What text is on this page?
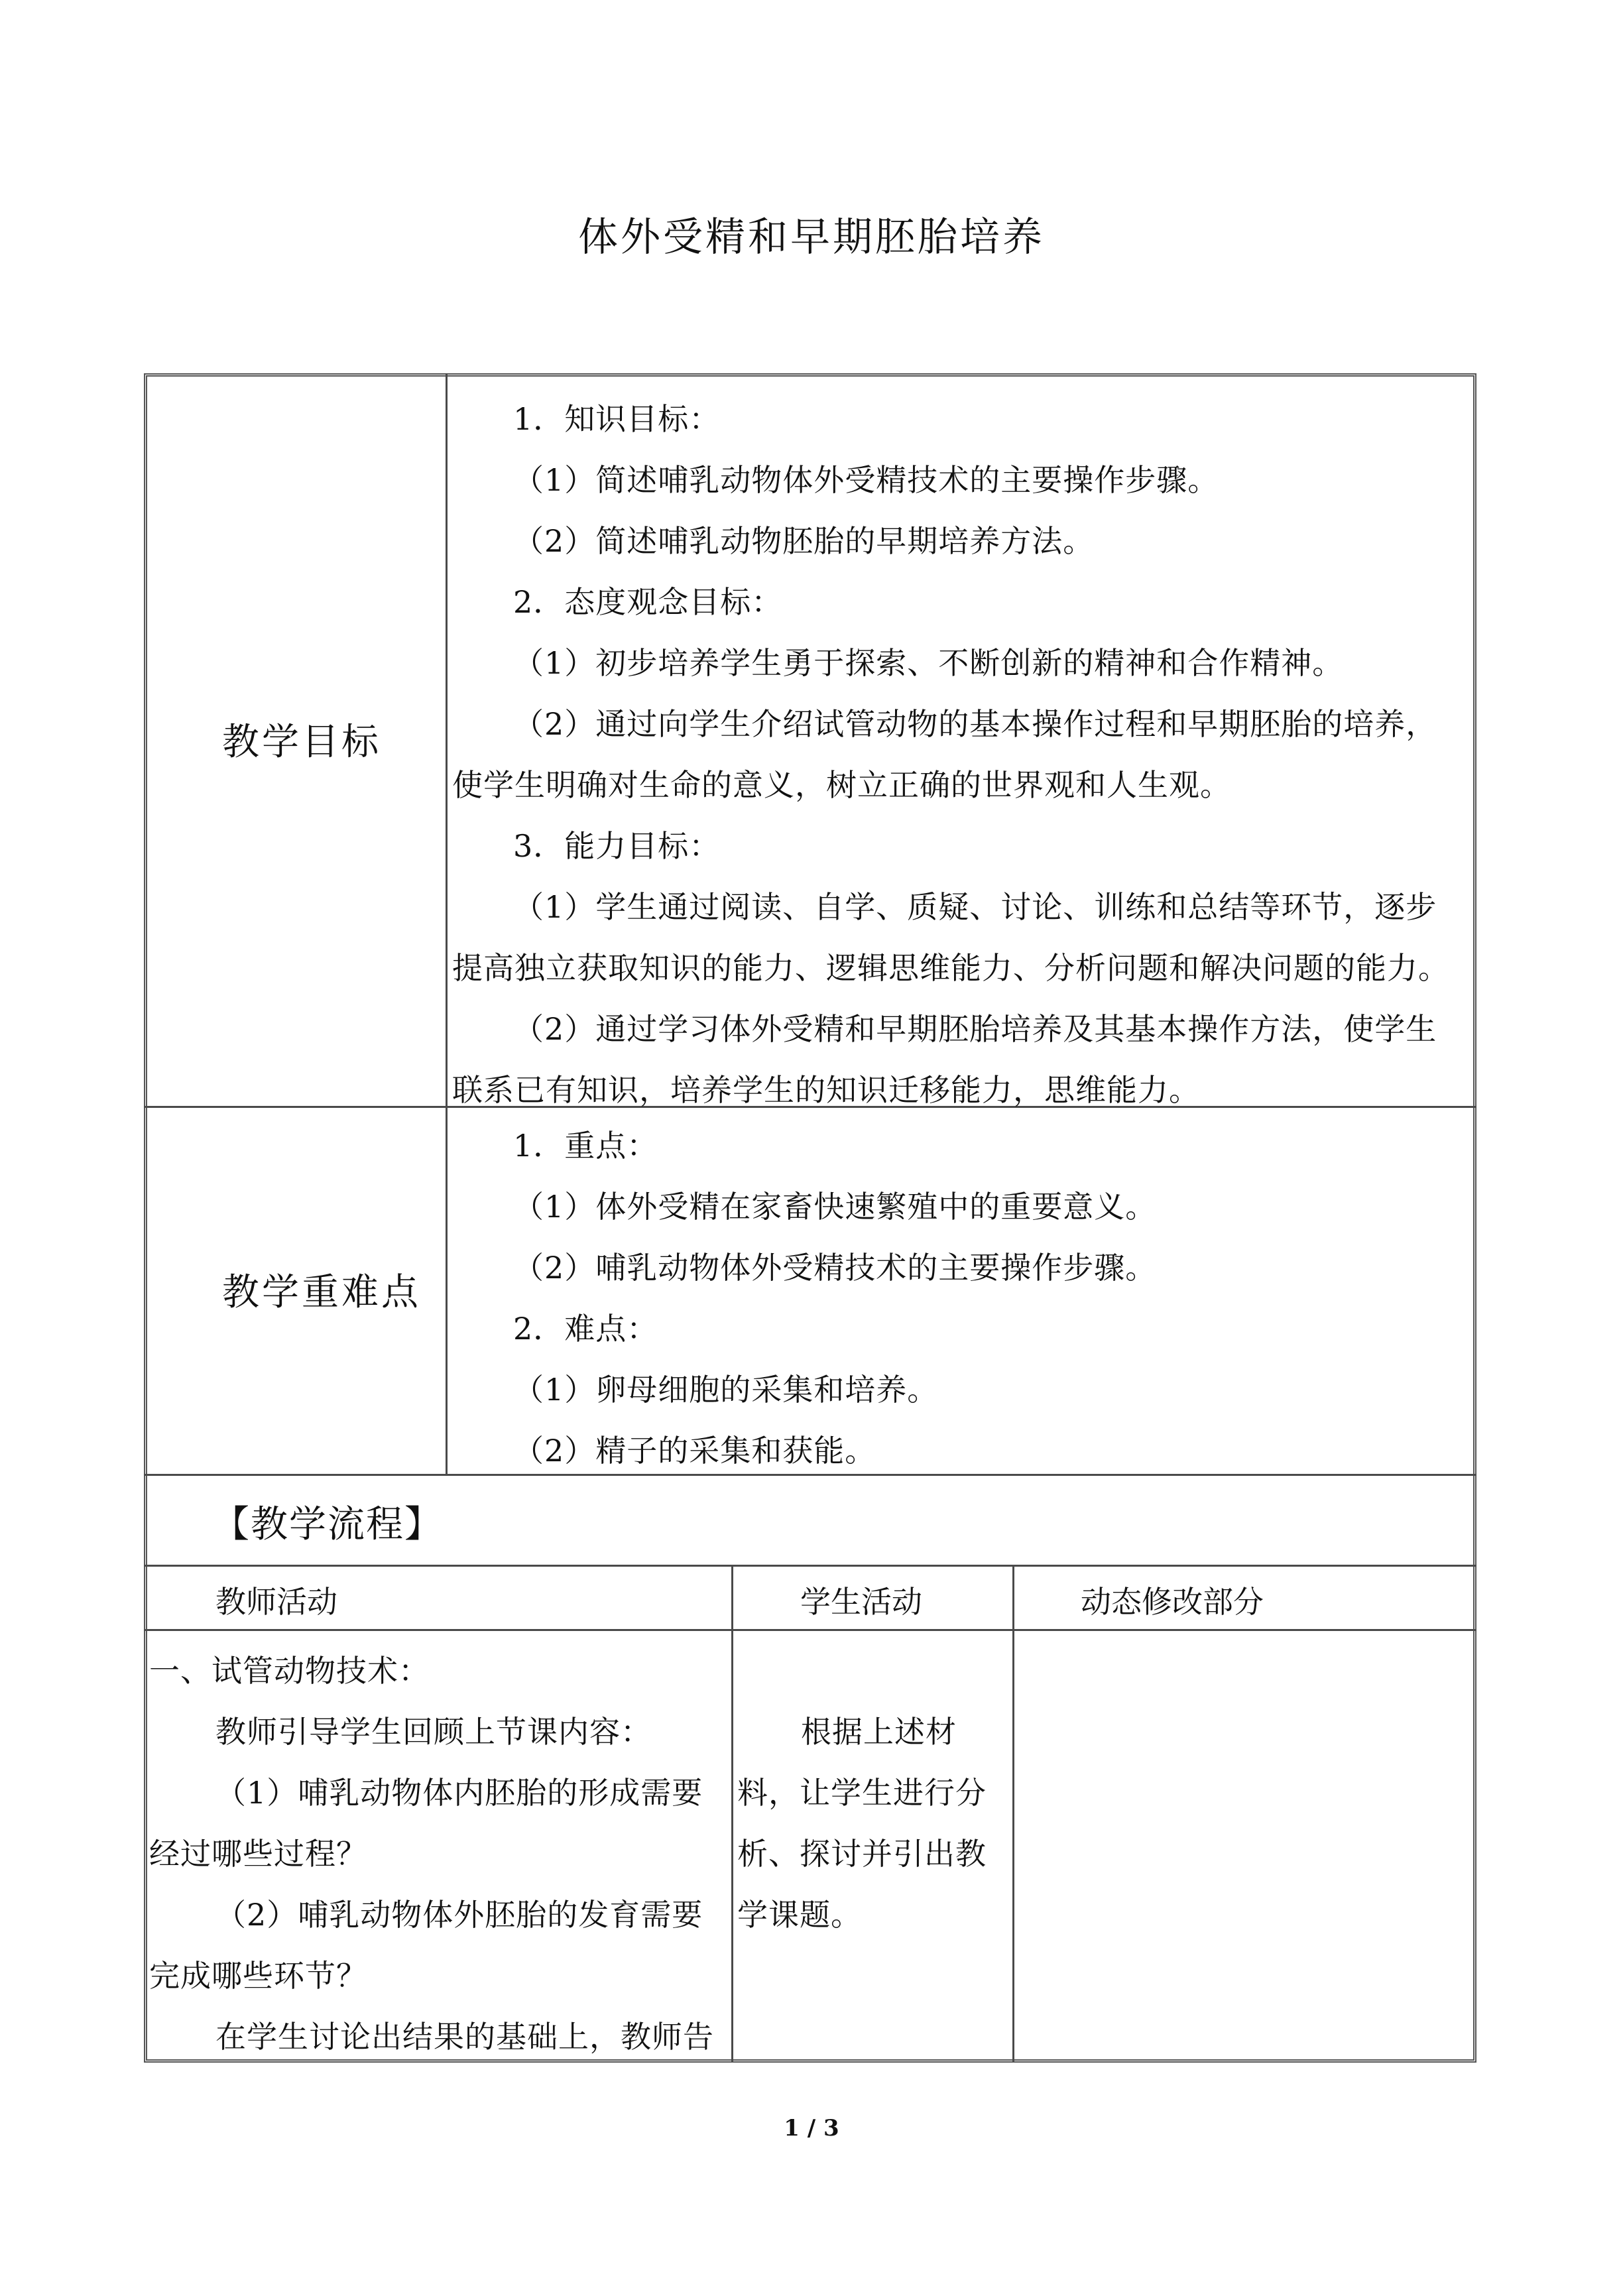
体外受精和早期胚胎培养
教学目标
1．知识目标：
（1）简述哺乳动物体外受精技术的主要操作步骤。
（2）简述哺乳动物胚胎的早期培养方法。
2．态度观念目标：
（1）初步培养学生勇于探索、不断创新的精神和合作精神。
（2）通过向学生介绍试管动物的基本操作过程和早期胚胎的培养，
使学生明确对生命的意义，树立正确的世界观和人生观。
3．能力目标：
（1）学生通过阅读、自学、质疑、讨论、训练和总结等环节，逐步
提高独立获取知识的能力、逻辑思维能力、分析问题和解决问题的能力。
（2）通过学习体外受精和早期胚胎培养及其基本操作方法，使学生
联系已有知识，培养学生的知识迁移能力，思维能力。
教学重难点
1．重点：
（1）体外受精在家畜快速繁殖中的重要意义。
（2）哺乳动物体外受精技术的主要操作步骤。
2．难点：
（1）卵母细胞的采集和培养。
（2）精子的采集和获能。
【教学流程】
教师活动	学生活动	动态修改部分
一、试管动物技术：
教师引导学生回顾上节课内容：
（1）哺乳动物体内胚胎的形成需要
经过哪些过程？
（2）哺乳动物体外胚胎的发育需要
完成哪些环节？
在学生讨论出结果的基础上，教师告
根据上述材
料，让学生进行分
析、探讨并引出教
学课题。
1 / 3
